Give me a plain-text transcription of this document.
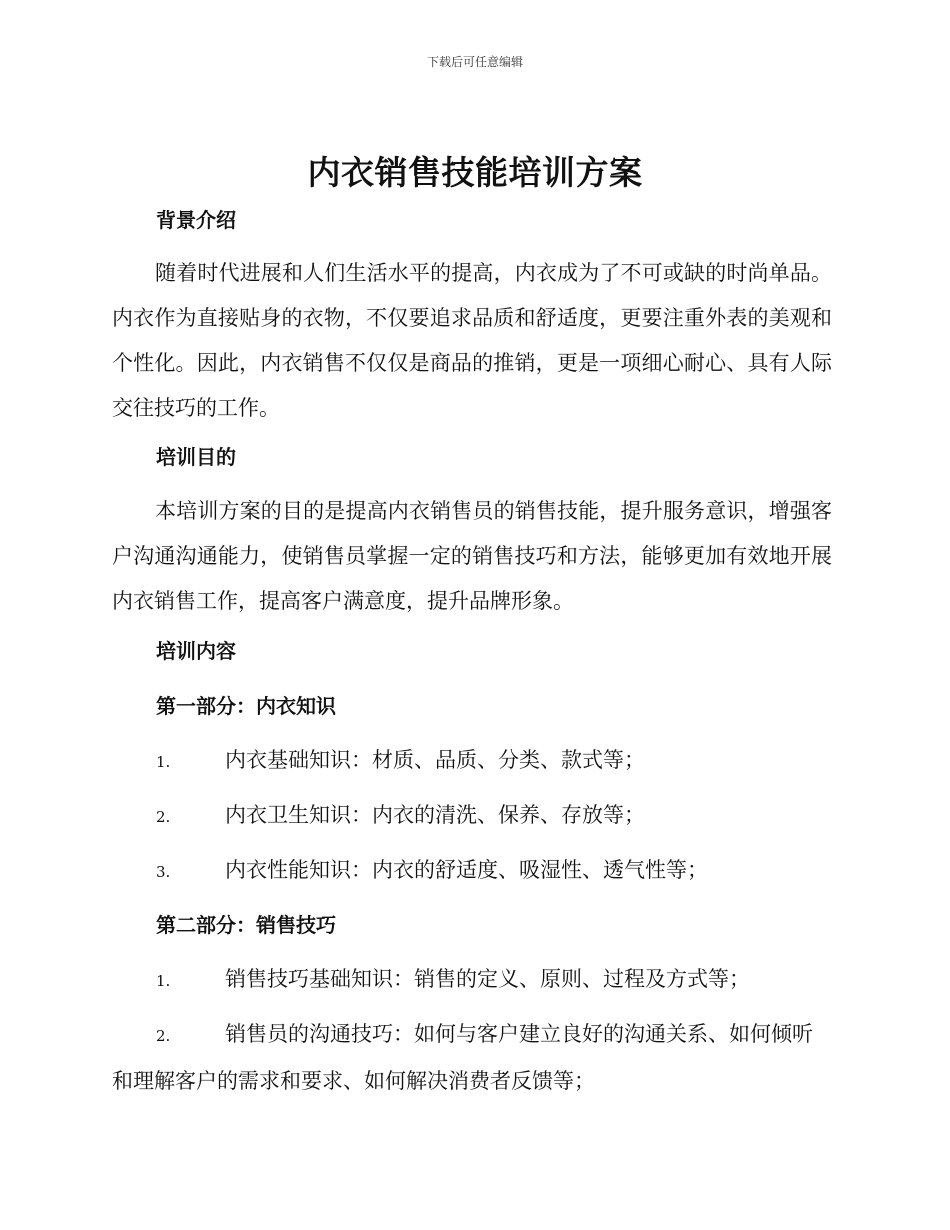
下载后可任意编辑
内衣销售技能培训方案
背景介绍

随着时代进展和人们生活水平的提高，内衣成为了不可或缺的时尚单品。内衣作为直接贴身的衣物，不仅要追求品质和舒适度，更要注重外表的美观和个性化。因此，内衣销售不仅仅是商品的推销，更是一项细心耐心、具有人际交往技巧的工作。

培训目的

本培训方案的目的是提高内衣销售员的销售技能，提升服务意识，增强客户沟通沟通能力，使销售员掌握一定的销售技巧和方法，能够更加有效地开展内衣销售工作，提高客户满意度，提升品牌形象。

培训内容
第一部分：内衣知识

1.	内衣基础知识：材质、品质、分类、款式等；

2.	内衣卫生知识：内衣的清洗、保养、存放等；

3.	内衣性能知识：内衣的舒适度、吸湿性、透气性等；

第二部分：销售技巧

1.	销售技巧基础知识：销售的定义、原则、过程及方式等；

2.	销售员的沟通技巧：如何与客户建立良好的沟通关系、如何倾听和理解客户的需求和要求、如何解决消费者反馈等；
